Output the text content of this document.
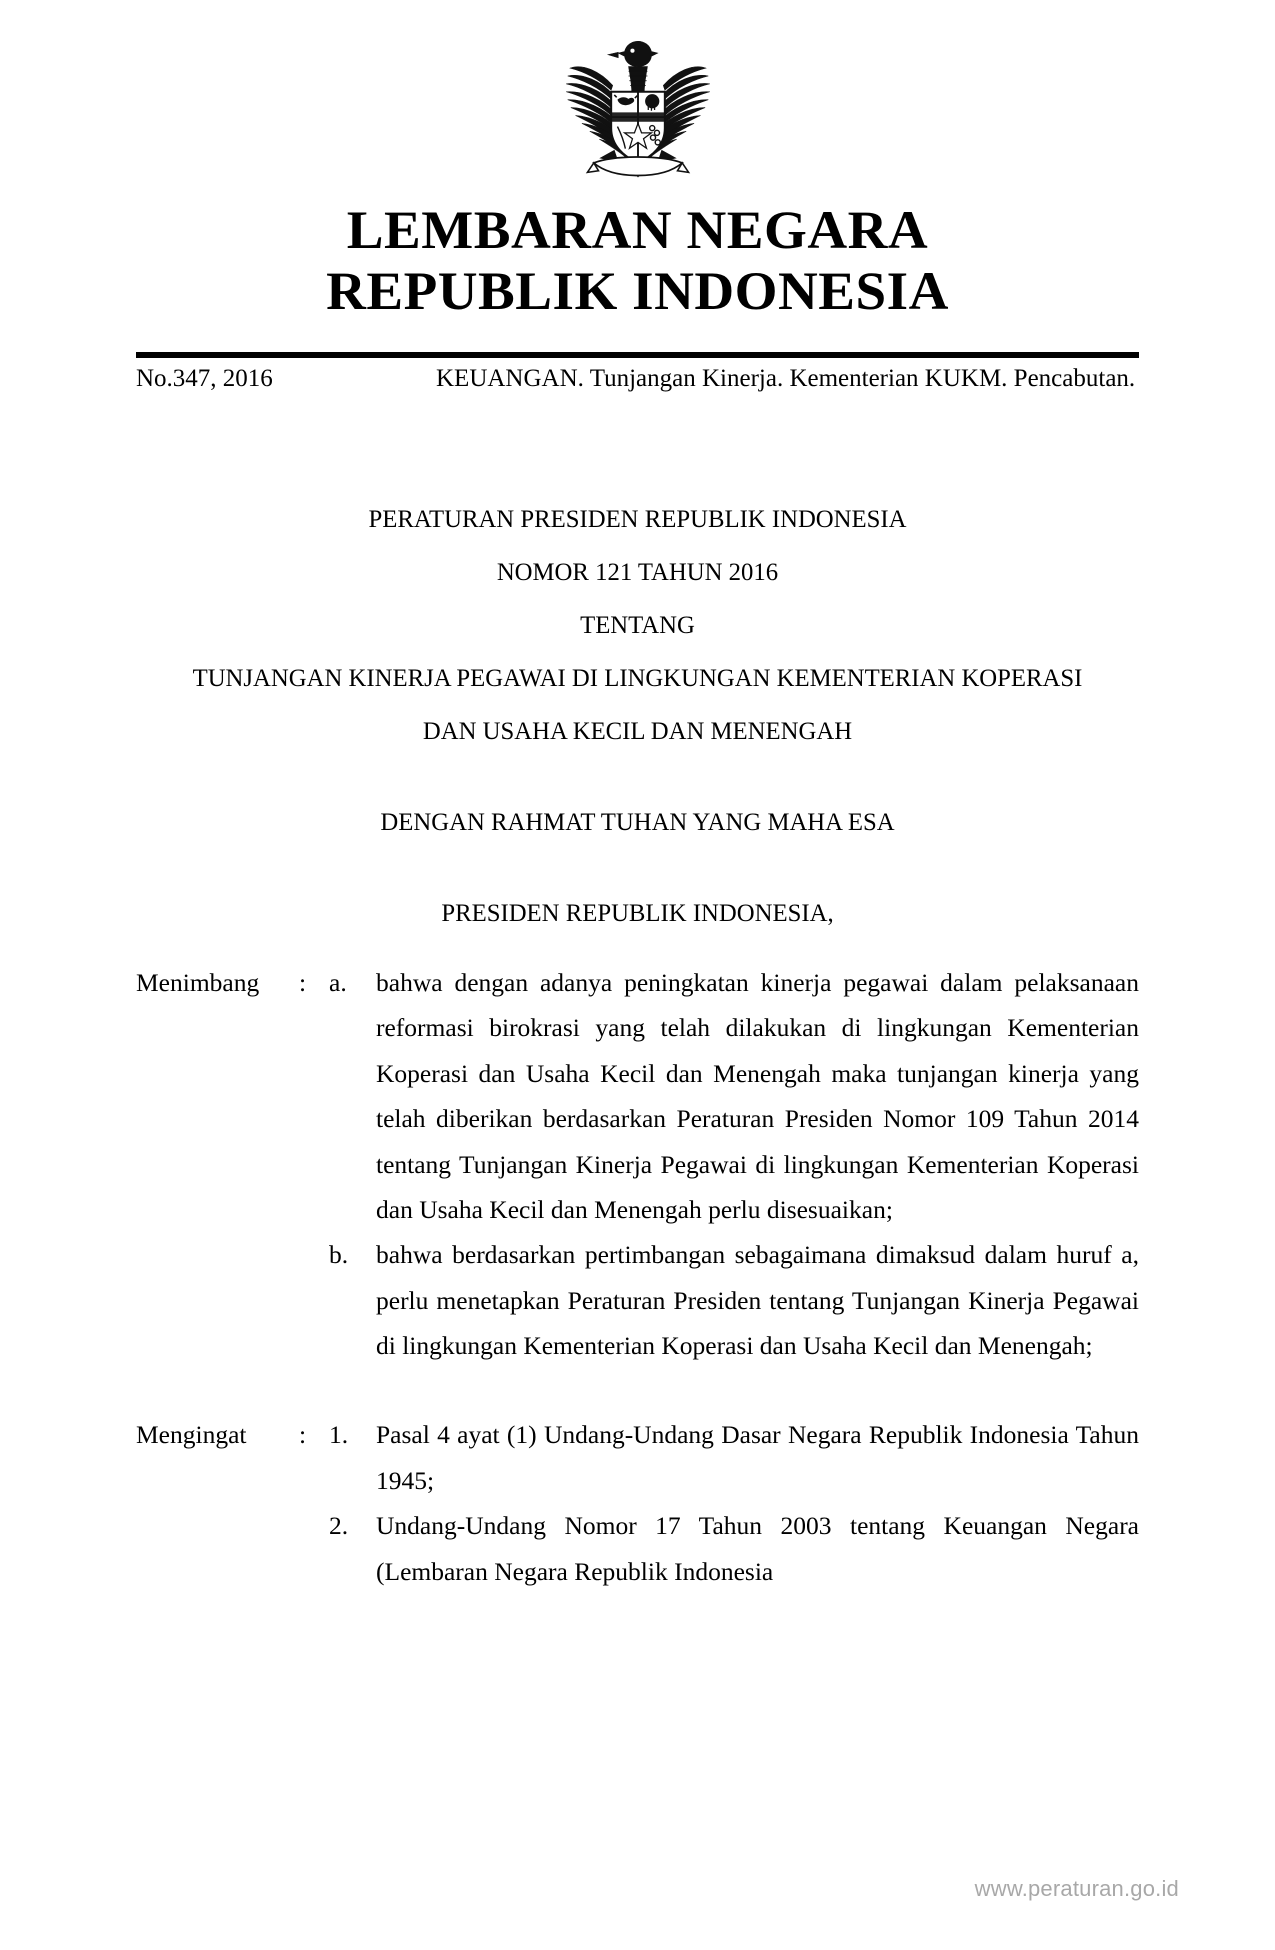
LEMBARAN NEGARA
REPUBLIK INDONESIA
No.347, 2016	KEUANGAN. Tunjangan Kinerja. Kementerian KUKM. Pencabutan.
PERATURAN PRESIDEN REPUBLIK INDONESIA
NOMOR 121 TAHUN 2016
TENTANG
TUNJANGAN KINERJA PEGAWAI DI LINGKUNGAN KEMENTERIAN KOPERASI
DAN USAHA KECIL DAN MENENGAH
DENGAN RAHMAT TUHAN YANG MAHA ESA
PRESIDEN REPUBLIK INDONESIA,
Menimbang	: a.	bahwa dengan adanya peningkatan kinerja pegawai dalam pelaksanaan reformasi birokrasi yang telah dilakukan di lingkungan Kementerian Koperasi dan Usaha Kecil dan Menengah maka tunjangan kinerja yang telah diberikan berdasarkan Peraturan Presiden Nomor 109 Tahun 2014 tentang Tunjangan Kinerja Pegawai di lingkungan Kementerian Koperasi dan Usaha Kecil dan Menengah perlu disesuaikan;
b.	bahwa berdasarkan pertimbangan sebagaimana dimaksud dalam huruf a, perlu menetapkan Peraturan Presiden tentang Tunjangan Kinerja Pegawai di lingkungan Kementerian Koperasi dan Usaha Kecil dan Menengah;
Mengingat	: 1.	Pasal 4 ayat (1) Undang-Undang Dasar Negara Republik Indonesia Tahun 1945;
2.	Undang-Undang Nomor 17 Tahun 2003 tentang Keuangan Negara (Lembaran Negara Republik Indonesia
www.peraturan.go.id
